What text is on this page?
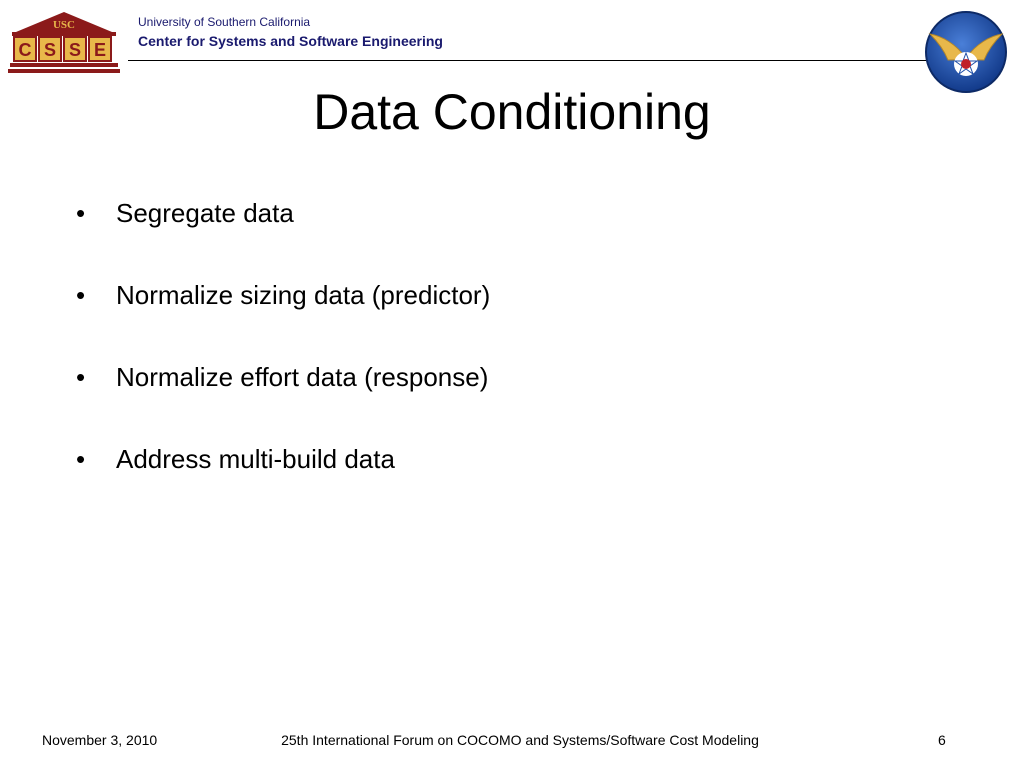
USC
C S S E
University of Southern California
Center for Systems and Software Engineering
Data Conditioning
• Segregate data
• Normalize sizing data (predictor)
• Normalize effort data (response)
• Address multi-build data
November 3, 2010	25th International Forum on COCOMO and Systems/Software Cost Modeling	6
